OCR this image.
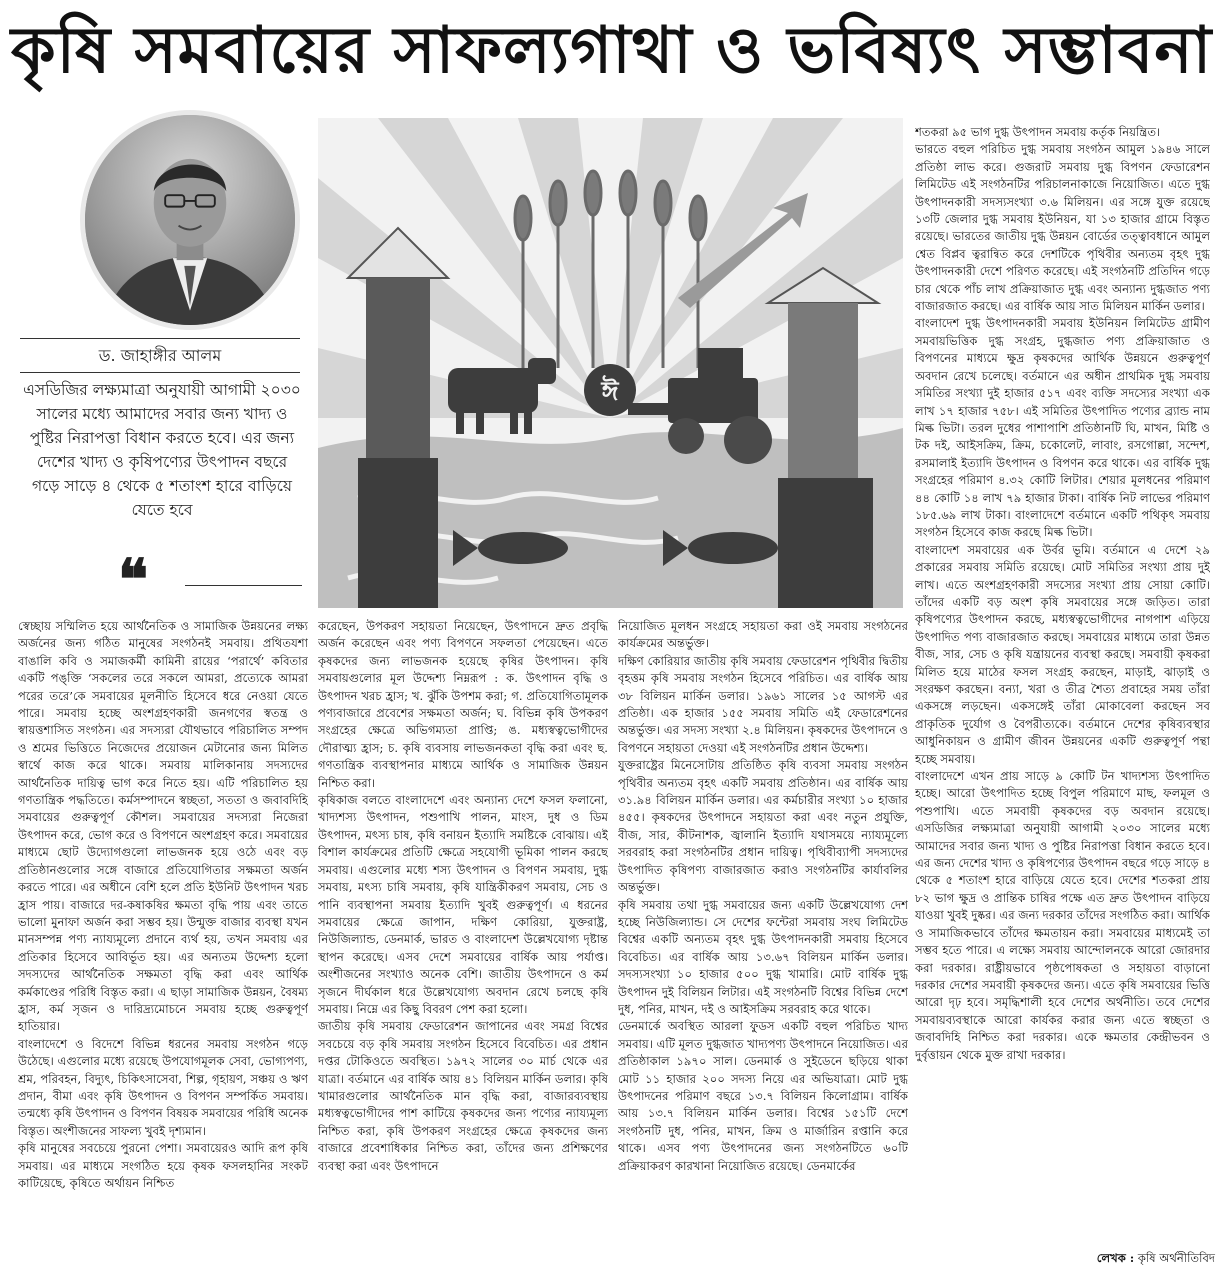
কৃষি সমবায়ের সাফল্যগাথা ও ভবিষ্যৎ সম্ভাবনা
ড. জাহাঙ্গীর আলম
এসডিজির লক্ষ্যমাত্রা অনুযায়ী আগামী ২০৩০ সালের মধ্যে আমাদের সবার জন্য খাদ্য ও পুষ্টির নিরাপত্তা বিধান করতে হবে। এর জন্য দেশের খাদ্য ও কৃষিপণ্যের উৎপাদন বছরে গড়ে সাড়ে ৪ থেকে ৫ শতাংশ হারে বাড়িয়ে যেতে হবে
❝
ঈ

স্বেচ্ছায় সম্মিলিত হয়ে আর্থনৈতিক ও সামাজিক উন্নয়নের লক্ষ্য অর্জনের জন্য গঠিত মানুষের সংগঠনই সমবায়। প্রথিতযশা বাঙালি কবি ও সমাজকর্মী কামিনী রায়ের ‘পরার্থে’ কবিতার একটি পঙ্‌ক্তি ‘সকলের তরে সকলে আমরা, প্রত্যেকে আমরা পরের তরে’কে সমবায়ের মূলনীতি হিসেবে ধরে নেওয়া যেতে পারে। সমবায় হচ্ছে অংশগ্রহণকারী জনগণের স্বতন্ত্র ও স্বায়ত্তশাসিত সংগঠন। এর সদস্যরা যৌথভাবে পরিচালিত সম্পদ ও শ্রমের ভিত্তিতে নিজেদের প্রয়োজন মেটানোর জন্য মিলিত স্বার্থে কাজ করে থাকে। সমবায় মালিকানায় সদস্যদের আর্থনৈতিক দায়িত্ব ভাগ করে নিতে হয়। এটি পরিচালিত হয় গণতান্ত্রিক পদ্ধতিতে। কর্মসম্পাদনে স্বচ্ছতা, সততা ও জবাবদিহি সমবায়ের গুরুত্বপূর্ণ কৌশল। সমবায়ের সদস্যরা নিজেরা উৎপাদন করে, ভোগ করে ও বিপণনে অংশগ্রহণ করে। সমবায়ের মাধ্যমে ছোট উদ্যোগগুলো লাভজনক হয়ে ওঠে এবং বড় প্রতিষ্ঠানগুলোর সঙ্গে বাজারে প্রতিযোগিতার সক্ষমতা অর্জন করতে পারে। এর অধীনে বেশি হলে প্রতি ইউনিট উৎপাদন খরচ হ্রাস পায়। বাজারে দর-কষাকষির ক্ষমতা বৃদ্ধি পায় এবং তাতে ভালো মুনাফা অর্জন করা সম্ভব হয়। উন্মুক্ত বাজার ব্যবস্থা যখন মানসম্পন্ন পণ্য ন্যায্যমূল্যে প্রদানে ব্যর্থ হয়, তখন সমবায় এর প্রতিকার হিসেবে আবির্ভূত হয়। এর অন্যতম উদ্দেশ্য হলো সদস্যদের আর্থনৈতিক সক্ষমতা বৃদ্ধি করা এবং আর্থিক কর্মকাণ্ডের পরিধি বিস্তৃত করা। এ ছাড়া সামাজিক উন্নয়ন, বৈষম্য হ্রাস, কর্ম সৃজন ও দারিদ্র্যমোচনে সমবায় হচ্ছে গুরুত্বপূর্ণ হাতিয়ার।

বাংলাদেশে ও বিদেশে বিভিন্ন ধরনের সমবায় সংগঠন গড়ে উঠেছে। এগুলোর মধ্যে রয়েছে উপযোগমূলক সেবা, ভোগ্যপণ্য, শ্রম, পরিবহন, বিদ্যুৎ, চিকিৎসাসেবা, শিল্প, গৃহায়ণ, সঞ্চয় ও ঋণ প্রদান, বীমা এবং কৃষি উৎপাদন ও বিপণন সম্পর্কিত সমবায়। তন্মধ্যে কৃষি উৎপাদন ও বিপণন বিষয়ক সমবায়ের পরিধি অনেক বিস্তৃত। অংশীজনের সাফল্য খুবই দৃশ্যমান।

কৃষি মানুষের সবচেয়ে পুরনো পেশা। সমবায়েরও আদি রূপ কৃষি সমবায়। এর মাধ্যমে সংগঠিত হয়ে কৃষক ফসলহানির সংকট কাটিয়েছে, কৃষিতে অর্থায়ন নিশ্চিত

করেছেন, উপকরণ সহায়তা নিয়েছেন, উৎপাদনে দ্রুত প্রবৃদ্ধি অর্জন করেছেন এবং পণ্য বিপণনে সফলতা পেয়েছেন। এতে কৃষকদের জন্য লাভজনক হয়েছে কৃষির উৎপাদন। কৃষি সমবায়গুলোর মূল উদ্দেশ্য নিম্নরূপ : ক. উৎপাদন বৃদ্ধি ও উৎপাদন খরচ হ্রাস; খ. ঝুঁকি উপশম করা; গ. প্রতিযোগিতামূলক পণ্যবাজারে প্রবেশের সক্ষমতা অর্জন; ঘ. বিভিন্ন কৃষি উপকরণ সংগ্রহের ক্ষেত্রে অভিগম্যতা প্রাপ্তি; ঙ. মধ্যস্বত্বভোগীদের দৌরাত্ম্য হ্রাস; চ. কৃষি ব্যবসায় লাভজনকতা বৃদ্ধি করা এবং ছ. গণতান্ত্রিক ব্যবস্থাপনার মাধ্যমে আর্থিক ও সামাজিক উন্নয়ন নিশ্চিত করা।

কৃষিকাজ বলতে বাংলাদেশে এবং অন্যান্য দেশে ফসল ফলানো, খাদ্যশস্য উৎপাদন, পশুপাখি পালন, মাংস, দুধ ও ডিম উৎপাদন, মৎস্য চাষ, কৃষি বনায়ন ইত্যাদি সমষ্টিকে বোঝায়। এই বিশাল কার্যক্রমের প্রতিটি ক্ষেত্রে সহযোগী ভূমিকা পালন করছে সমবায়। এগুলোর মধ্যে শস্য উৎপাদন ও বিপণন সমবায়, দুগ্ধ সমবায়, মৎস্য চাষি সমবায়, কৃষি যান্ত্রিকীকরণ সমবায়, সেচ ও পানি ব্যবস্থাপনা সমবায় ইত্যাদি খুবই গুরুত্বপূর্ণ। এ ধরনের সমবায়ের ক্ষেত্রে জাপান, দক্ষিণ কোরিয়া, যুক্তরাষ্ট্র, নিউজিল্যান্ড, ডেনমার্ক, ভারত ও বাংলাদেশ উল্লেখযোগ্য দৃষ্টান্ত স্থাপন করেছে। এসব দেশে সমবায়ের বার্ষিক আয় পর্যাপ্ত। অংশীজনের সংখ্যাও অনেক বেশি। জাতীয় উৎপাদনে ও কর্ম সৃজনে দীর্ঘকাল ধরে উল্লেখযোগ্য অবদান রেখে চলছে কৃষি সমবায়। নিম্নে এর কিছু বিবরণ পেশ করা হলো।

জাতীয় কৃষি সমবায় ফেডারেশন জাপানের এবং সমগ্র বিশ্বের সবচেয়ে বড় কৃষি সমবায় সংগঠন হিসেবে বিবেচিত। এর প্রধান দপ্তর টোকিওতে অবস্থিত। ১৯৭২ সালের ৩০ মার্চ থেকে এর যাত্রা। বর্তমানে এর বার্ষিক আয় ৪১ বিলিয়ন মার্কিন ডলার। কৃষি খামারগুলোর আর্থনৈতিক মান বৃদ্ধি করা, বাজারব্যবস্থায় মধ্যস্বত্বভোগীদের পাশ কাটিয়ে কৃষকদের জন্য পণ্যের ন্যায্যমূল্য নিশ্চিত করা, কৃষি উপকরণ সংগ্রহের ক্ষেত্রে কৃষকদের জন্য বাজারে প্রবেশাধিকার নিশ্চিত করা, তাঁদের জন্য প্রশিক্ষণের ব্যবস্থা করা এবং উৎপাদনে

নিয়োজিত মূলধন সংগ্রহে সহায়তা করা ওই সমবায় সংগঠনের কার্যক্রমের অন্তর্ভুক্ত।

দক্ষিণ কোরিয়ার জাতীয় কৃষি সমবায় ফেডারেশন পৃথিবীর দ্বিতীয় বৃহত্তম কৃষি সমবায় সংগঠন হিসেবে পরিচিত। এর বার্ষিক আয় ৩৮ বিলিয়ন মার্কিন ডলার। ১৯৬১ সালের ১৫ আগস্ট এর প্রতিষ্ঠা। এক হাজার ১৫৫ সমবায় সমিতি এই ফেডারেশনের অন্তর্ভুক্ত। এর সদস্য সংখ্যা ২.৪ মিলিয়ন। কৃষকদের উৎপাদনে ও বিপণনে সহায়তা দেওয়া এই সংগঠনটির প্রধান উদ্দেশ্য।

যুক্তরাষ্ট্রের মিনেসোটায় প্রতিষ্ঠিত কৃষি ব্যবসা সমবায় সংগঠন পৃথিবীর অন্যতম বৃহৎ একটি সমবায় প্রতিষ্ঠান। এর বার্ষিক আয় ৩১.৯৪ বিলিয়ন মার্কিন ডলার। এর কর্মচারীর সংখ্যা ১০ হাজার ৪৫৫। কৃষকদের উৎপাদনে সহায়তা করা এবং নতুন প্রযুক্তি, বীজ, সার, কীটনাশক, জ্বালানি ইত্যাদি যথাসময়ে ন্যায্যমূল্যে সরবরাহ করা সংগঠনটির প্রধান দায়িত্ব। পৃথিবীব্যাপী সদস্যদের উৎপাদিত কৃষিপণ্য বাজারজাত করাও সংগঠনটির কার্যাবলির অন্তর্ভুক্ত।

কৃষি সমবায় তথা দুগ্ধ সমবায়ের জন্য একটি উল্লেখযোগ্য দেশ হচ্ছে নিউজিল্যান্ড। সে দেশের ফন্টেরা সমবায় সংঘ লিমিটেড বিশ্বের একটি অন্যতম বৃহৎ দুগ্ধ উৎপাদনকারী সমবায় হিসেবে বিবেচিত। এর বার্ষিক আয় ১৩.৬৭ বিলিয়ন মার্কিন ডলার। সদস্যসংখ্যা ১০ হাজার ৫০০ দুগ্ধ খামারি। মোট বার্ষিক দুগ্ধ উৎপাদন দুই বিলিয়ন লিটার। এই সংগঠনটি বিশ্বের বিভিন্ন দেশে দুধ, পনির, মাখন, দই ও আইসক্রিম সরবরাহ করে থাকে।

ডেনমার্কে অবস্থিত আরলা ফুডস একটি বহুল পরিচিত খাদ্য সমবায়। এটি মূলত দুগ্ধজাত খাদ্যপণ্য উৎপাদনে নিয়োজিত। এর প্রতিষ্ঠাকাল ১৯৭০ সাল। ডেনমার্ক ও সুইডেনে ছড়িয়ে থাকা মোট ১১ হাজার ২০০ সদস্য নিয়ে এর অভিযাত্রা। মোট দুগ্ধ উৎপাদনের পরিমাণ বছরে ১৩.৭ বিলিয়ন কিলোগ্রাম। বার্ষিক আয় ১৩.৭ বিলিয়ন মার্কিন ডলার। বিশ্বের ১৫১টি দেশে সংগঠনটি দুধ, পনির, মাখন, ক্রিম ও মার্জারিন রপ্তানি করে থাকে। এসব পণ্য উৎপাদনের জন্য সংগঠনটিতে ৬০টি প্রক্রিয়াকরণ কারখানা নিয়োজিত রয়েছে। ডেনমার্কের

শতকরা ৯৫ ভাগ দুগ্ধ উৎপাদন সমবায় কর্তৃক নিয়ন্ত্রিত।

ভারতে বহুল পরিচিত দুগ্ধ সমবায় সংগঠন আমুল ১৯৪৬ সালে প্রতিষ্ঠা লাভ করে। গুজরাট সমবায় দুগ্ধ বিপণন ফেডারেশন লিমিটেড এই সংগঠনটির পরিচালনাকাজে নিয়োজিত। এতে দুগ্ধ উৎপাদনকারী সদস্যসংখ্যা ৩.৬ মিলিয়ন। এর সঙ্গে যুক্ত রয়েছে ১৩টি জেলার দুগ্ধ সমবায় ইউনিয়ন, যা ১৩ হাজার গ্রামে বিস্তৃত রয়েছে। ভারতের জাতীয় দুগ্ধ উন্নয়ন বোর্ডের তত্ত্বাবধানে আমুল শ্বেত বিপ্লব ত্বরান্বিত করে দেশটিকে পৃথিবীর অন্যতম বৃহৎ দুগ্ধ উৎপাদনকারী দেশে পরিণত করেছে। এই সংগঠনটি প্রতিদিন গড়ে চার থেকে পাঁচ লাখ প্রক্রিয়াজাত দুগ্ধ এবং অন্যান্য দুগ্ধজাত পণ্য বাজারজাত করছে। এর বার্ষিক আয় সাত মিলিয়ন মার্কিন ডলার।

বাংলাদেশ দুগ্ধ উৎপাদনকারী সমবায় ইউনিয়ন লিমিটেড গ্রামীণ সমবায়ভিত্তিক দুগ্ধ সংগ্রহ, দুগ্ধজাত পণ্য প্রক্রিয়াজাত ও বিপণনের মাধ্যমে ক্ষুদ্র কৃষকদের আর্থিক উন্নয়নে গুরুত্বপূর্ণ অবদান রেখে চলেছে। বর্তমানে এর অধীন প্রাথমিক দুগ্ধ সমবায় সমিতির সংখ্যা দুই হাজার ৫১৭ এবং ব্যক্তি সদস্যের সংখ্যা এক লাখ ১৭ হাজার ৭৫৮। এই সমিতির উৎপাদিত পণ্যের ব্র্যান্ড নাম মিল্ক ভিটা। তরল দুধের পাশাপাশি প্রতিষ্ঠানটি ঘি, মাখন, মিষ্টি ও টক দই, আইসক্রিম, ক্রিম, চকোলেট, লাবাং, রসগোল্লা, সন্দেশ, রসমালাই ইত্যাদি উৎপাদন ও বিপণন করে থাকে। এর বার্ষিক দুগ্ধ সংগ্রহের পরিমাণ ৪.৩২ কোটি লিটার। শেয়ার মূলধনের পরিমাণ ৪৪ কোটি ১৪ লাখ ৭৯ হাজার টাকা। বার্ষিক নিট লাভের পরিমাণ ১৮৫.৬৯ লাখ টাকা। বাংলাদেশে বর্তমানে একটি পথিকৃৎ সমবায় সংগঠন হিসেবে কাজ করছে মিল্ক ভিটা।

বাংলাদেশ সমবায়ের এক উর্বর ভূমি। বর্তমানে এ দেশে ২৯ প্রকারের সমবায় সমিতি রয়েছে। মোট সমিতির সংখ্যা প্রায় দুই লাখ। এতে অংশগ্রহণকারী সদস্যের সংখ্যা প্রায় সোয়া কোটি। তাঁদের একটি বড় অংশ কৃষি সমবায়ের সঙ্গে জড়িত। তারা কৃষিপণ্যের উৎপাদন করছে, মধ্যস্বত্বভোগীদের নাগপাশ এড়িয়ে উৎপাদিত পণ্য বাজারজাত করছে। সমবায়ের মাধ্যমে তারা উন্নত বীজ, সার, সেচ ও কৃষি যন্ত্রায়নের ব্যবস্থা করছে। সমবায়ী কৃষকরা মিলিত হয়ে মাঠের ফসল সংগ্রহ করছেন, মাড়াই, ঝাড়াই ও সংরক্ষণ করছেন। বন্যা, খরা ও তীব্র শৈত্য প্রবাহের সময় তাঁরা একসঙ্গে লড়ছেন। একসঙ্গেই তাঁরা মোকাবেলা করছেন সব প্রাকৃতিক দুর্যোগ ও বৈপরীত্যকে। বর্তমানে দেশের কৃষিব্যবস্থার আধুনিকায়ন ও গ্রামীণ জীবন উন্নয়নের একটি গুরুত্বপূর্ণ পন্থা হচ্ছে সমবায়।

বাংলাদেশে এখন প্রায় সাড়ে ৯ কোটি টন খাদ্যশস্য উৎপাদিত হচ্ছে। আরো উৎপাদিত হচ্ছে বিপুল পরিমাণে মাছ, ফলমূল ও পশুপাখি। এতে সমবায়ী কৃষকদের বড় অবদান রয়েছে। এসডিজির লক্ষ্যমাত্রা অনুযায়ী আগামী ২০৩০ সালের মধ্যে আমাদের সবার জন্য খাদ্য ও পুষ্টির নিরাপত্তা বিধান করতে হবে। এর জন্য দেশের খাদ্য ও কৃষিপণ্যের উৎপাদন বছরে গড়ে সাড়ে ৪ থেকে ৫ শতাংশ হারে বাড়িয়ে যেতে হবে। দেশের শতকরা প্রায় ৮২ ভাগ ক্ষুদ্র ও প্রান্তিক চাষির পক্ষে এত দ্রুত উৎপাদন বাড়িয়ে যাওয়া খুবই দুষ্কর। এর জন্য দরকার তাঁদের সংগঠিত করা। আর্থিক ও সামাজিকভাবে তাঁদের ক্ষমতায়ন করা। সমবায়ের মাধ্যমেই তা সম্ভব হতে পারে। এ লক্ষ্যে সমবায় আন্দোলনকে আরো জোরদার করা দরকার। রাষ্ট্রীয়ভাবে পৃষ্ঠপোষকতা ও সহায়তা বাড়ানো দরকার দেশের সমবায়ী কৃষকদের জন্য। এতে কৃষি সমবায়ের ভিত্তি আরো দৃঢ় হবে। সমৃদ্ধিশালী হবে দেশের অর্থনীতি। তবে দেশের সমবায়ব্যবস্থাকে আরো কার্যকর করার জন্য এতে স্বচ্ছতা ও জবাবদিহি নিশ্চিত করা দরকার। একে ক্ষমতার কেন্দ্রীভবন ও দুর্বৃত্তায়ন থেকে মুক্ত রাখা দরকার।

লেখক : কৃষি অর্থনীতিবিদ
